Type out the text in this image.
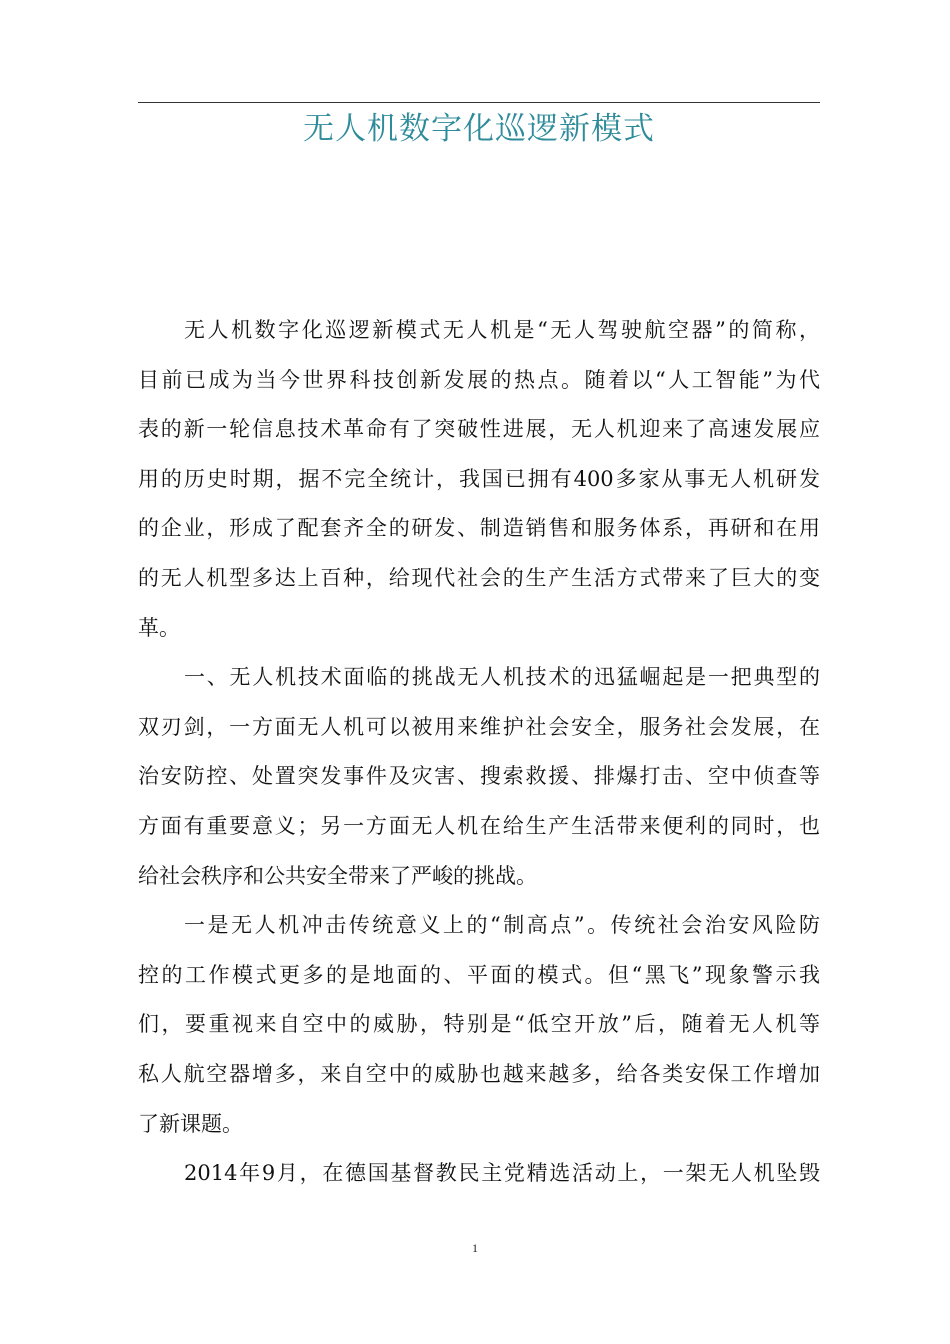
无人机数字化巡逻新模式
无人机数字化巡逻新模式无人机是“无人驾驶航空器”的简称，
目前已成为当今世界科技创新发展的热点。随着以“人工智能”为代
表的新一轮信息技术革命有了突破性进展，无人机迎来了高速发展应
用的历史时期，据不完全统计，我国已拥有400多家从事无人机研发
的企业，形成了配套齐全的研发、制造销售和服务体系，再研和在用
的无人机型多达上百种，给现代社会的生产生活方式带来了巨大的变
革。
一、无人机技术面临的挑战无人机技术的迅猛崛起是一把典型的
双刃剑，一方面无人机可以被用来维护社会安全，服务社会发展，在
治安防控、处置突发事件及灾害、搜索救援、排爆打击、空中侦查等
方面有重要意义；另一方面无人机在给生产生活带来便利的同时，也
给社会秩序和公共安全带来了严峻的挑战。
一是无人机冲击传统意义上的“制高点”。传统社会治安风险防
控的工作模式更多的是地面的、平面的模式。但“黑飞”现象警示我
们，要重视来自空中的威胁，特别是“低空开放”后，随着无人机等
私人航空器增多，来自空中的威胁也越来越多，给各类安保工作增加
了新课题。
2014年9月，在德国基督教民主党精选活动上，一架无人机坠毁
1
